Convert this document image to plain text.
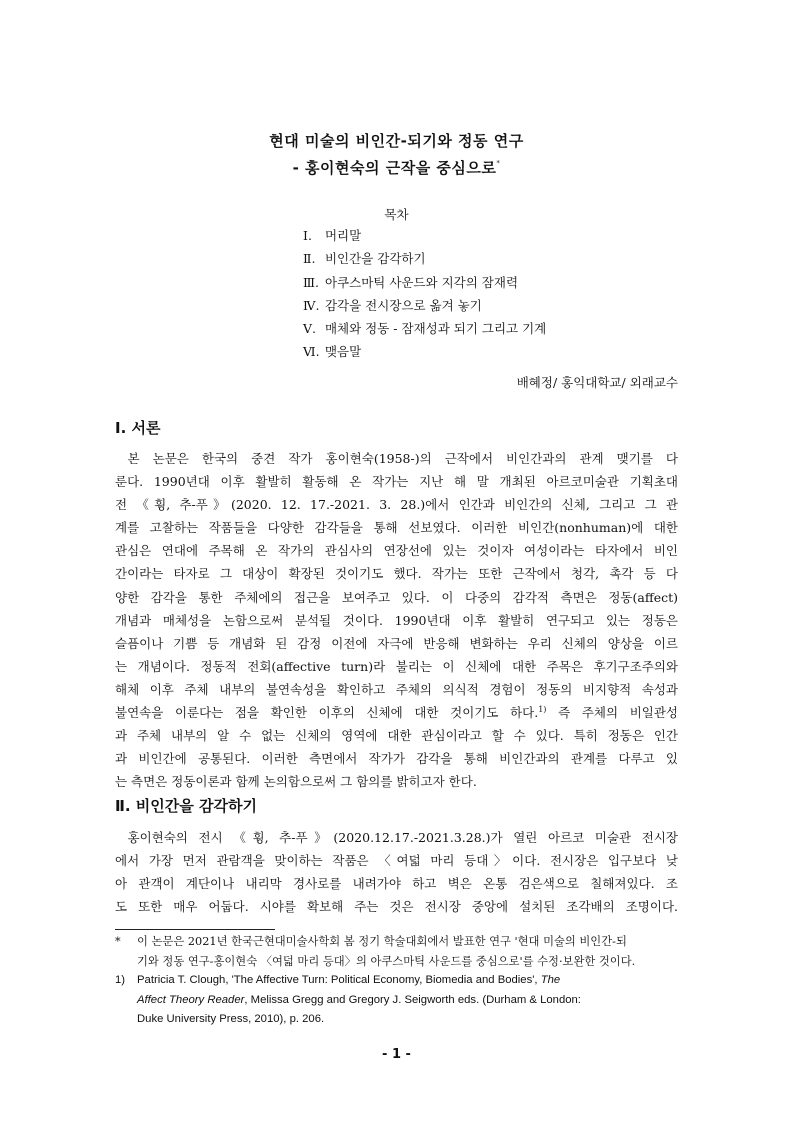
현대 미술의 비인간-되기와 정동 연구
- 홍이현숙의 근작을 중심으로*
목차
Ⅰ. 머리말
Ⅱ. 비인간을 감각하기
Ⅲ. 아쿠스마틱 사운드와 지각의 잠재력
Ⅳ. 감각을 전시장으로 옮겨 놓기
Ⅴ. 매체와 정동 - 잠재성과 되기 그리고 기계
Ⅵ. 맺음말
배혜정/ 홍익대학교/ 외래교수
Ⅰ. 서론
본 논문은 한국의 중견 작가 홍이현숙(1958-)의 근작에서 비인간과의 관계 맺기를 다
룬다. 1990년대 이후 활발히 활동해 온 작가는 지난 해 말 개최된 아르코미술관 기획초대
전 《휭, 추-푸》(2020. 12. 17.-2021. 3. 28.)에서 인간과 비인간의 신체, 그리고 그 관
계를 고찰하는 작품들을 다양한 감각들을 통해 선보였다. 이러한 비인간(nonhuman)에 대한
관심은 연대에 주목해 온 작가의 관심사의 연장선에 있는 것이자 여성이라는 타자에서 비인
간이라는 타자로 그 대상이 확장된 것이기도 했다. 작가는 또한 근작에서 청각, 촉각 등 다
양한 감각을 통한 주체에의 접근을 보여주고 있다. 이 다중의 감각적 측면은 정동(affect)
개념과 매체성을 논함으로써 분석될 것이다. 1990년대 이후 활발히 연구되고 있는 정동은
슬픔이나 기쁨 등 개념화 된 감정 이전에 자극에 반응해 변화하는 우리 신체의 양상을 이르
는 개념이다. 정동적 전회(affective turn)라 불리는 이 신체에 대한 주목은 후기구조주의와
해체 이후 주체 내부의 불연속성을 확인하고 주체의 의식적 경험이 정동의 비지향적 속성과
불연속을 이룬다는 점을 확인한 이후의 신체에 대한 것이기도 하다.$^{1)}$ 즉 주체의 비일관성
과 주체 내부의 알 수 없는 신체의 영역에 대한 관심이라고 할 수 있다. 특히 정동은 인간
과 비인간에 공통된다. 이러한 측면에서 작가가 감각을 통해 비인간과의 관계를 다루고 있
는 측면은 정동이론과 함께 논의함으로써 그 함의를 밝히고자 한다.
Ⅱ. 비인간을 감각하기
홍이현숙의 전시 《휭, 추-푸》(2020.12.17.-2021.3.28.)가 열린 아르코 미술관 전시장
에서 가장 먼저 관람객을 맞이하는 작품은 〈여덟 마리 등대〉이다. 전시장은 입구보다 낮
아 관객이 계단이나 내리막 경사로를 내려가야 하고 벽은 온통 검은색으로 칠해져있다. 조
도 또한 매우 어둡다. 시야를 확보해 주는 것은 전시장 중앙에 설치된 조각배의 조명이다.
* 이 논문은 2021년 한국근현대미술사학회 봄 정기 학술대회에서 발표한 연구 '현대 미술의 비인간-되
기와 정동 연구-홍이현숙 〈여덟 마리 등대〉의 아쿠스마틱 사운드를 중심으로'를 수정·보완한 것이다.
1) Patricia T. Clough, 'The Affective Turn: Political Economy, Biomedia and Bodies', The
Affect Theory Reader, Melissa Gregg and Gregory J. Seigworth eds. (Durham & London:
Duke University Press, 2010), p. 206.
- 1 -
